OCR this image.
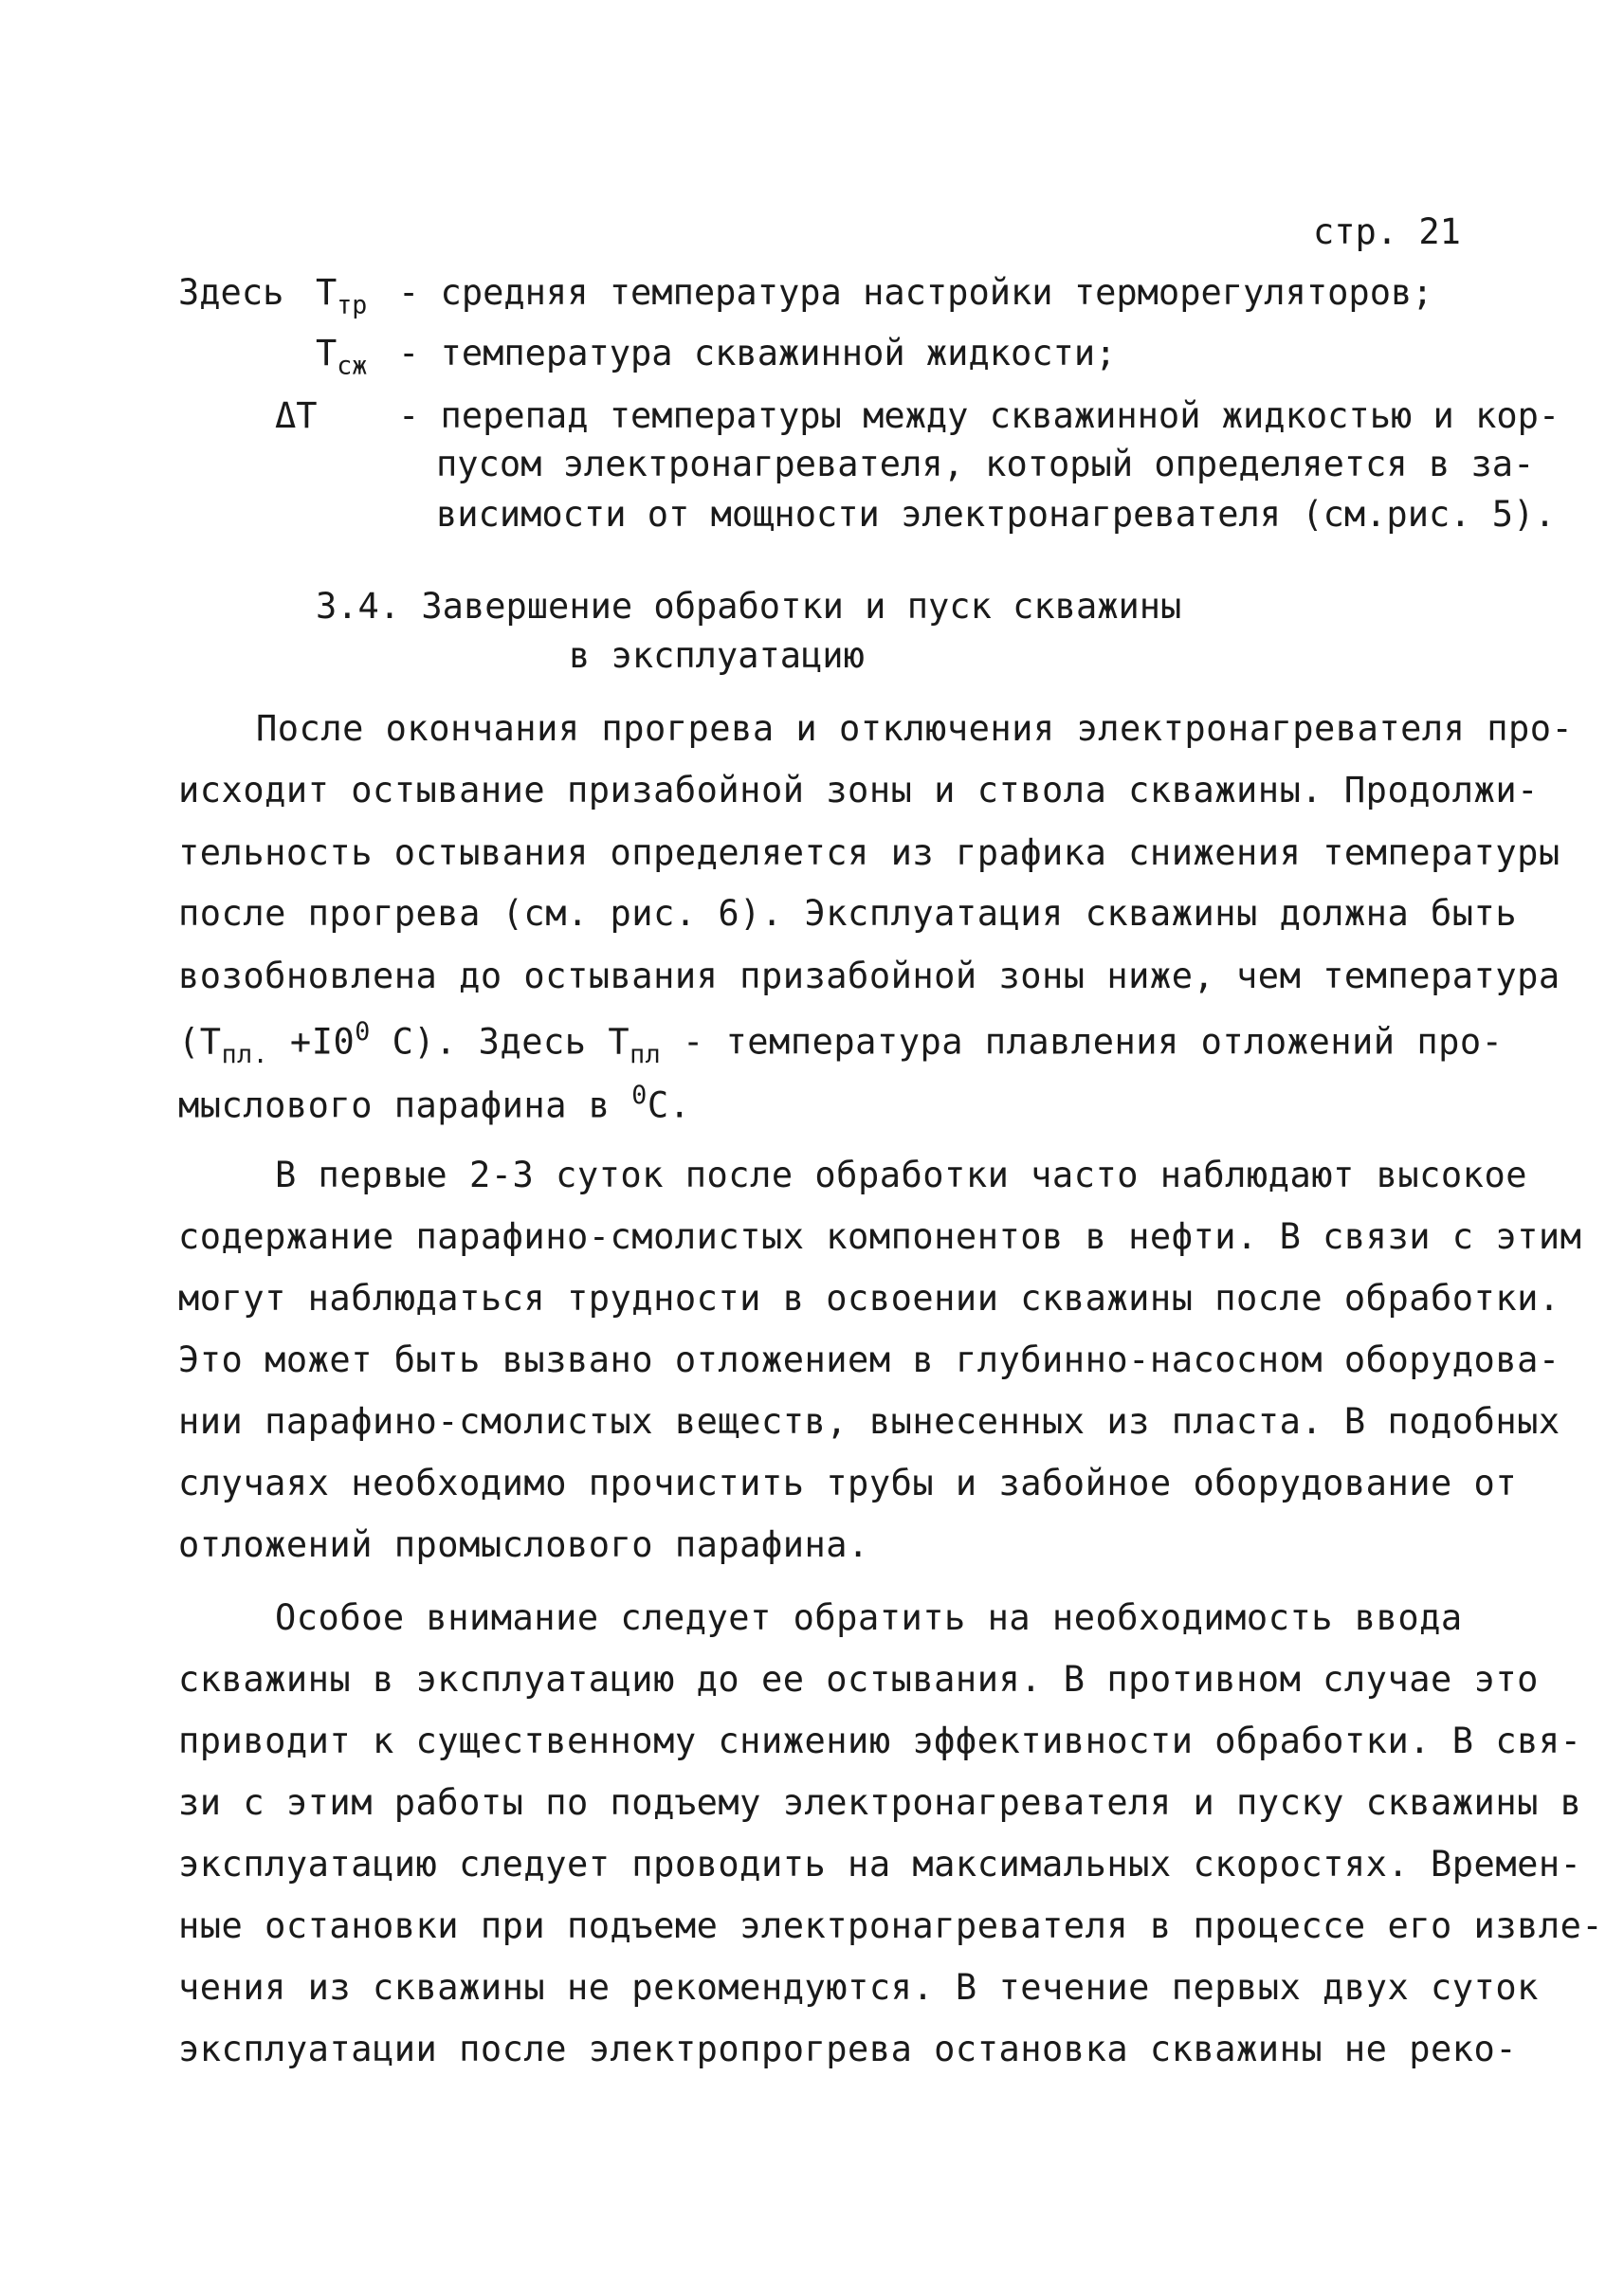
стр. 21
Здесь $T_{тр}$ - средняя температура настройки терморегуляторов;
$T_{сж}$ - температура скважинной жидкости;
ΔT - перепад температуры между скважинной жидкостью и кор-
пусом электронагревателя, который определяется в за-
висимости от мощности электронагревателя (см.рис. 5).
3.4. Завершение обработки и пуск скважины
в эксплуатацию
После окончания прогрева и отключения электронагревателя про-
исходит остывание призабойной зоны и ствола скважины. Продолжи-
тельность остывания определяется из графика снижения температуры
после прогрева (см. рис. 6). Эксплуатация скважины должна быть
возобновлена до остывания призабойной зоны ниже, чем температура
($T_{пл.} +I0^0$ С). Здесь $T_{пл}$ - температура плавления отложений про-
мыслового парафина в $^0$С.
В первые 2-3 суток после обработки часто наблюдают высокое
содержание парафино-смолистых компонентов в нефти. В связи с этим
могут наблюдаться трудности в освоении скважины после обработки.
Это может быть вызвано отложением в глубинно-насосном оборудова-
нии парафино-смолистых веществ, вынесенных из пласта. В подобных
случаях необходимо прочистить трубы и забойное оборудование от
отложений промыслового парафина.
Особое внимание следует обратить на необходимость ввода
скважины в эксплуатацию до ее остывания. В противном случае это
приводит к существенному снижению эффективности обработки. В свя-
зи с этим работы по подъему электронагревателя и пуску скважины в
эксплуатацию следует проводить на максимальных скоростях. Времен-
ные остановки при подъеме электронагревателя в процессе его извле-
чения из скважины не рекомендуются. В течение первых двух суток
эксплуатации после электропрогрева остановка скважины не реко-
